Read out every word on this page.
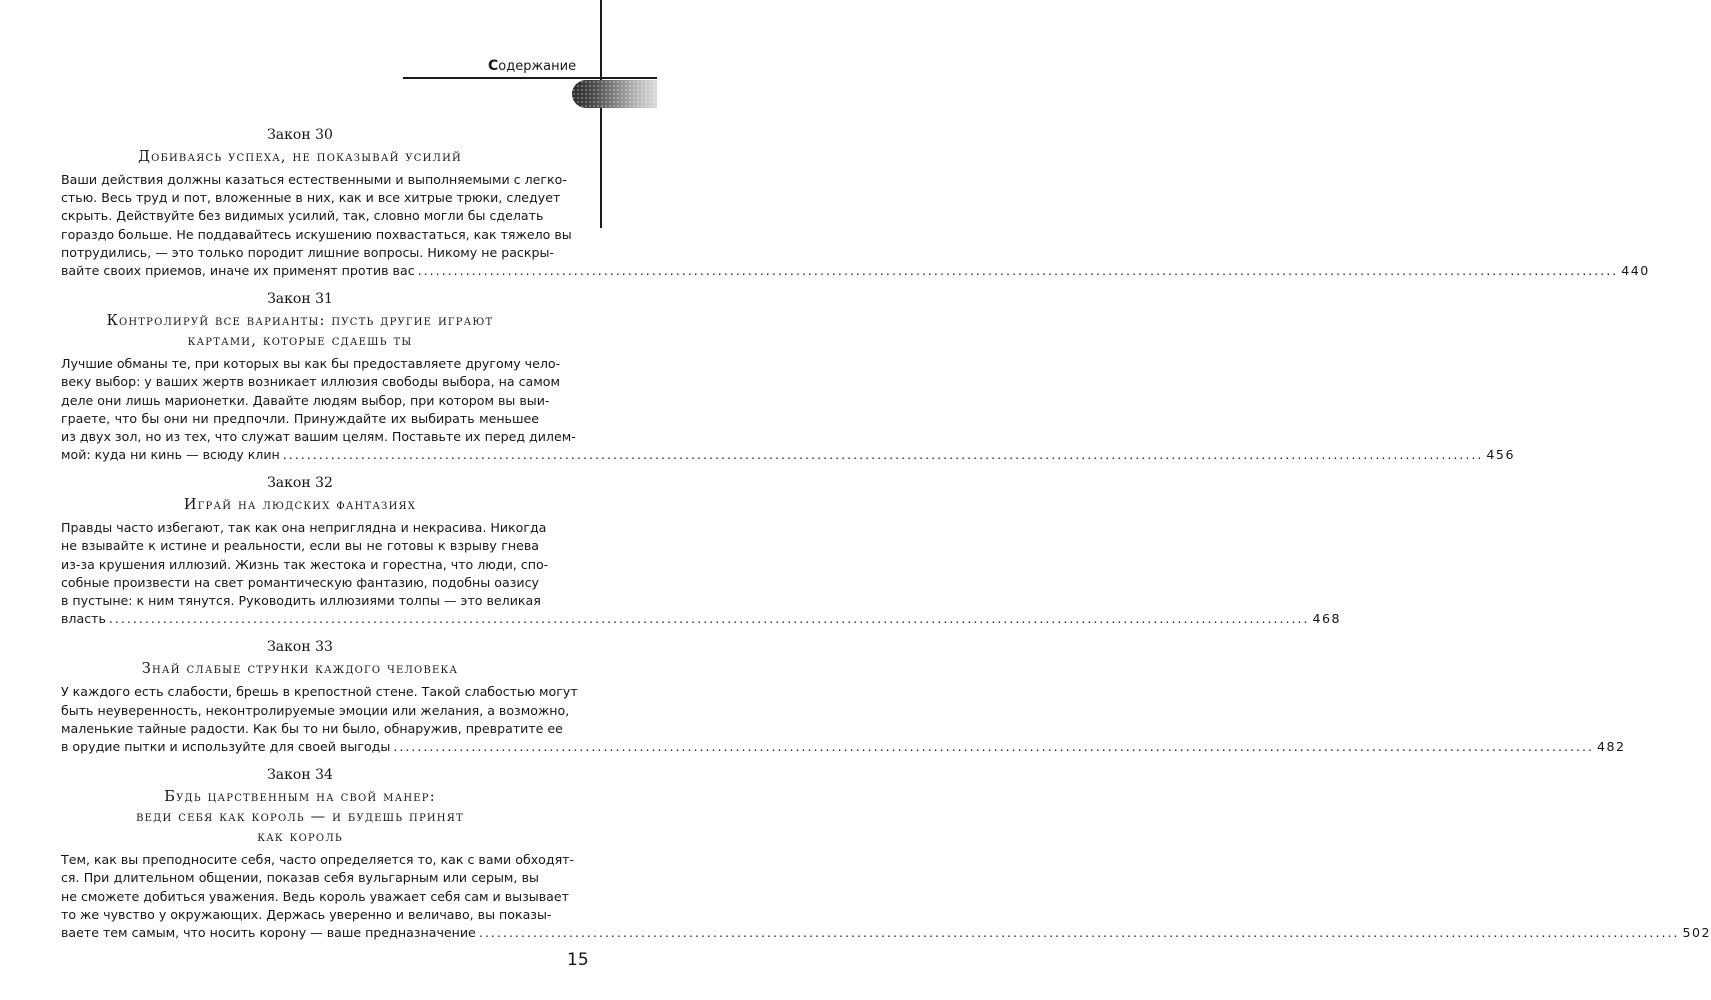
Содержание
Закон 30
Добиваясь успеха, не показывай усилий
Ваши действия должны казаться естественными и выполняемыми с легко-
стью. Весь труд и пот, вложенные в них, как и все хитрые трюки, следует
скрыть. Действуйте без видимых усилий, так, словно могли бы сделать
гораздо больше. Не поддавайтесь искушению похвастаться, как тяжело вы
потрудились, — это только породит лишние вопросы. Никому не раскры-
вайте своих приемов, иначе их применят против вас ........................................................................................................................................................................................................ 440
Закон 31
Контролируй все варианты: пусть другие играют
картами, которые сдаешь ты
Лучшие обманы те, при которых вы как бы предоставляете другому чело-
веку выбор: у ваших жертв возникает иллюзия свободы выбора, на самом
деле они лишь марионетки. Давайте людям выбор, при котором вы выи-
граете, что бы они ни предпочли. Принуждайте их выбирать меньшее
из двух зол, но из тех, что служат вашим целям. Поставьте их перед дилем-
мой: куда ни кинь — всюду клин ........................................................................................................................................................................................................ 456
Закон 32
Играй на людских фантазиях
Правды часто избегают, так как она неприглядна и некрасива. Никогда
не взывайте к истине и реальности, если вы не готовы к взрыву гнева
из-за крушения иллюзий. Жизнь так жестока и горестна, что люди, спо-
собные произвести на свет романтическую фантазию, подобны оазису
в пустыне: к ним тянутся. Руководить иллюзиями толпы — это великая
власть ........................................................................................................................................................................................................ 468
Закон 33
Знай слабые струнки каждого человека
У каждого есть слабости, брешь в крепостной стене. Такой слабостью могут
быть неуверенность, неконтролируемые эмоции или желания, а возможно,
маленькие тайные радости. Как бы то ни было, обнаружив, превратите ее
в орудие пытки и используйте для своей выгоды ........................................................................................................................................................................................................ 482
Закон 34
Будь царственным на свой манер:
веди себя как король — и будешь принят
как король
Тем, как вы преподносите себя, часто определяется то, как с вами обходят-
ся. При длительном общении, показав себя вульгарным или серым, вы
не сможете добиться уважения. Ведь король уважает себя сам и вызывает
то же чувство у окружающих. Держась уверенно и величаво, вы показы-
ваете тем самым, что носить корону — ваше предназначение ........................................................................................................................................................................................................ 502
15
